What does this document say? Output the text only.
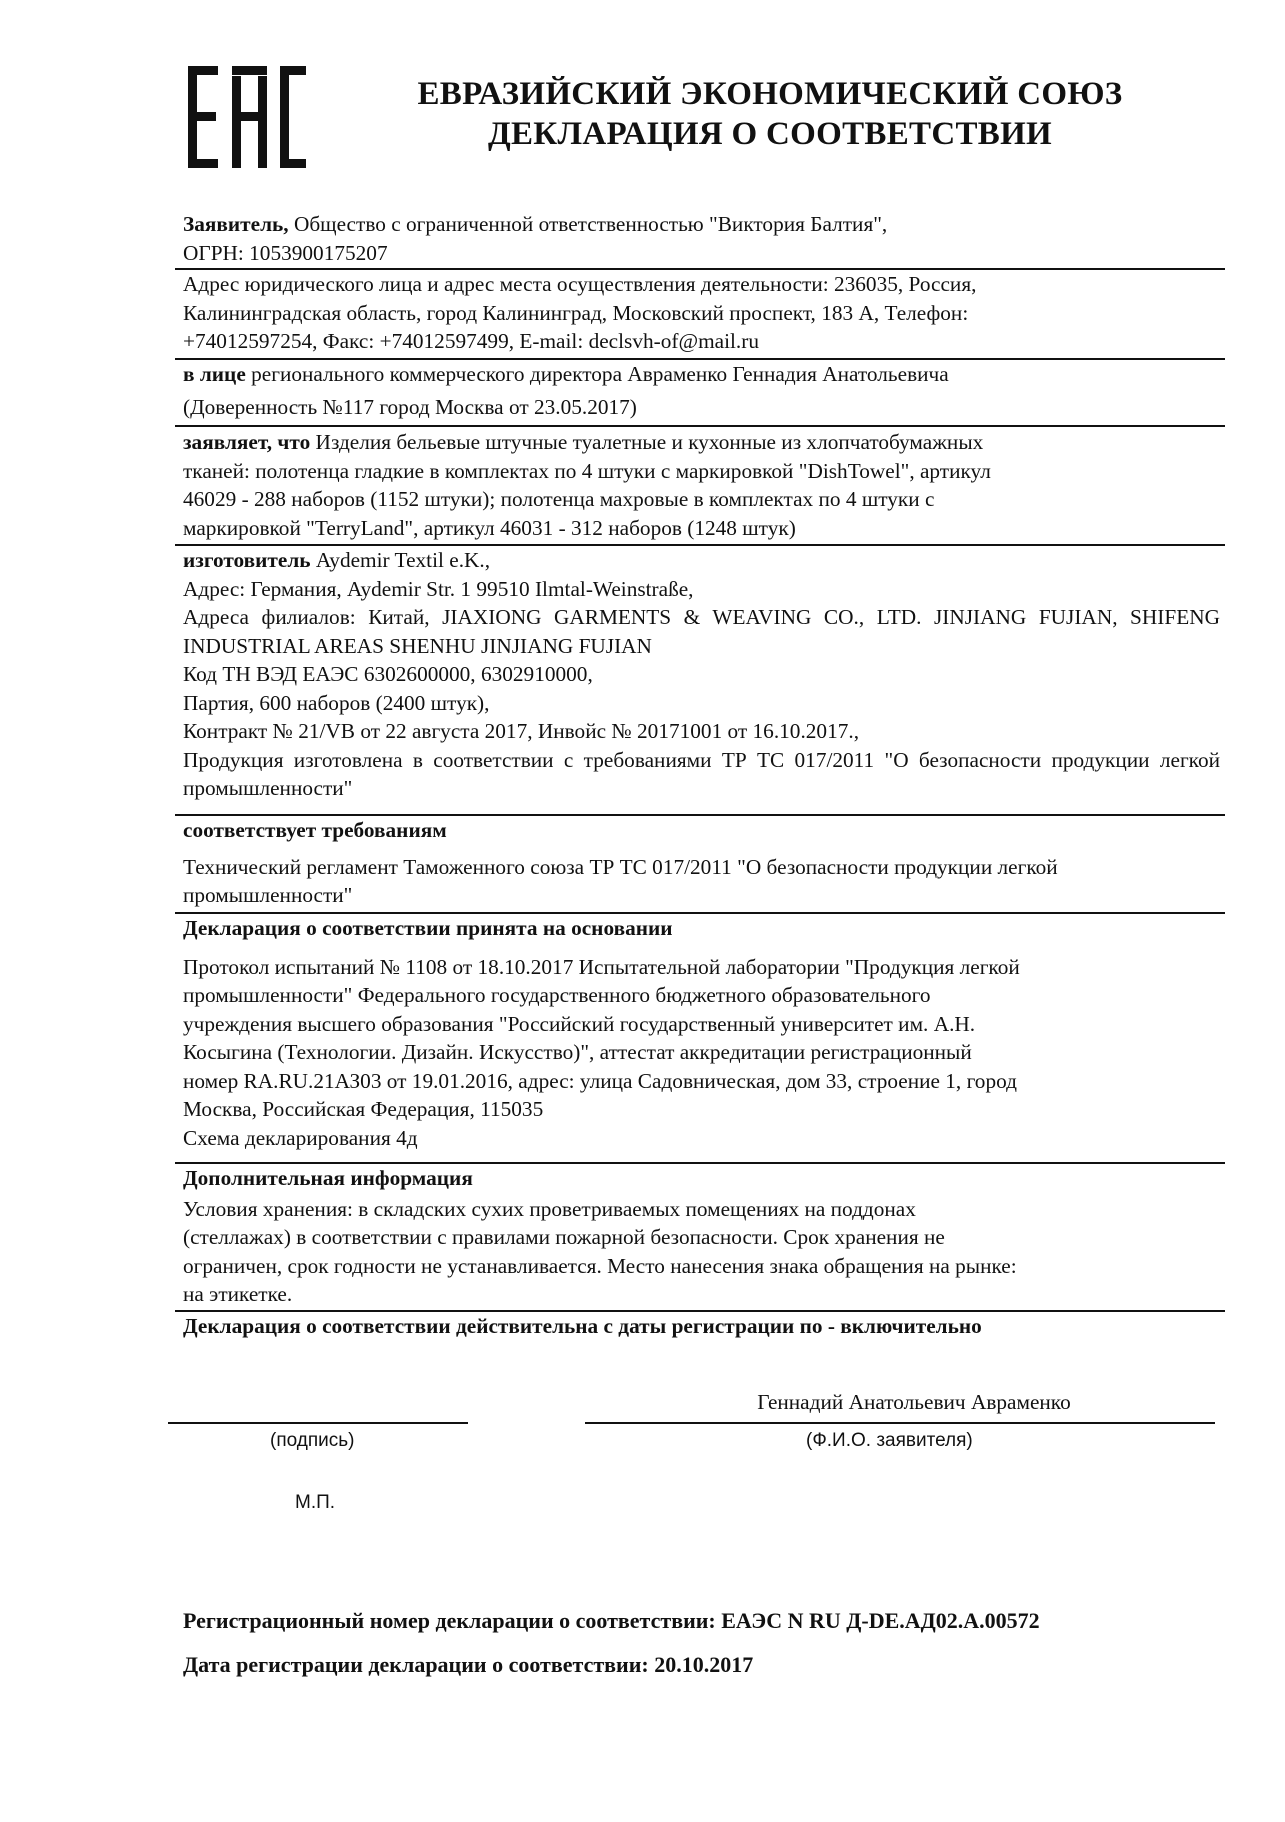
ЕВРАЗИЙСКИЙ ЭКОНОМИЧЕСКИЙ СОЮЗ
ДЕКЛАРАЦИЯ О СООТВЕТСТВИИ
Заявитель, Общество с ограниченной ответственностью "Виктория Балтия",
ОГРН: 1053900175207
Адрес юридического лица и адрес места осуществления деятельности: 236035, Россия,
Калининградская область, город Калининград, Московский проспект, 183 А, Телефон:
+74012597254, Факс: +74012597499, E-mail: declsvh-of@mail.ru
в лице регионального коммерческого директора Авраменко Геннадия Анатольевича
(Доверенность №117 город Москва от 23.05.2017)
заявляет, что Изделия бельевые штучные туалетные и кухонные из хлопчатобумажных
тканей: полотенца гладкие в комплектах по 4 штуки с маркировкой "DishTowel", артикул
46029 - 288 наборов (1152 штуки); полотенца махровые в комплектах по 4 штуки с
маркировкой "TerryLand", артикул 46031 - 312 наборов (1248 штук)
изготовитель Aydemir Textil e.K.,
Адрес: Германия, Aydemir Str. 1 99510 Ilmtal-Weinstraße,
Адреса филиалов: Китай, JIAXIONG GARMENTS & WEAVING CO., LTD. JINJIANG FUJIAN, SHIFENG INDUSTRIAL AREAS SHENHU JINJIANG FUJIAN
Код ТН ВЭД ЕАЭС 6302600000, 6302910000,
Партия, 600 наборов (2400 штук),
Контракт № 21/VB от 22 августа 2017, Инвойс № 20171001 от 16.10.2017.,
Продукция изготовлена в соответствии с требованиями ТР ТС 017/2011 "О безопасности продукции легкой промышленности"
соответствует требованиям
Технический регламент Таможенного союза ТР ТС 017/2011 "О безопасности продукции легкой промышленности"
Декларация о соответствии принята на основании
Протокол испытаний № 1108 от 18.10.2017 Испытательной лаборатории "Продукция легкой
промышленности" Федерального государственного бюджетного образовательного
учреждения высшего образования "Российский государственный университет им. А.Н.
Косыгина (Технологии. Дизайн. Искусство)", аттестат аккредитации регистрационный
номер RA.RU.21АЗ03 от 19.01.2016, адрес: улица Садовническая, дом 33, строение 1, город
Москва, Российская Федерация, 115035
Схема декларирования 4д
Дополнительная информация
Условия хранения: в складских сухих проветриваемых помещениях на поддонах
(стеллажах) в соответствии с правилами пожарной безопасности. Срок хранения не
ограничен, срок годности не устанавливается. Место нанесения знака обращения на рынке:
на этикетке.
Декларация о соответствии действительна с даты регистрации по - включительно
Геннадий Анатольевич Авраменко
(подпись)	(Ф.И.О. заявителя)
М.П.
Регистрационный номер декларации о соответствии: ЕАЭС N RU Д-DE.АД02.А.00572
Дата регистрации декларации о соответствии: 20.10.2017
